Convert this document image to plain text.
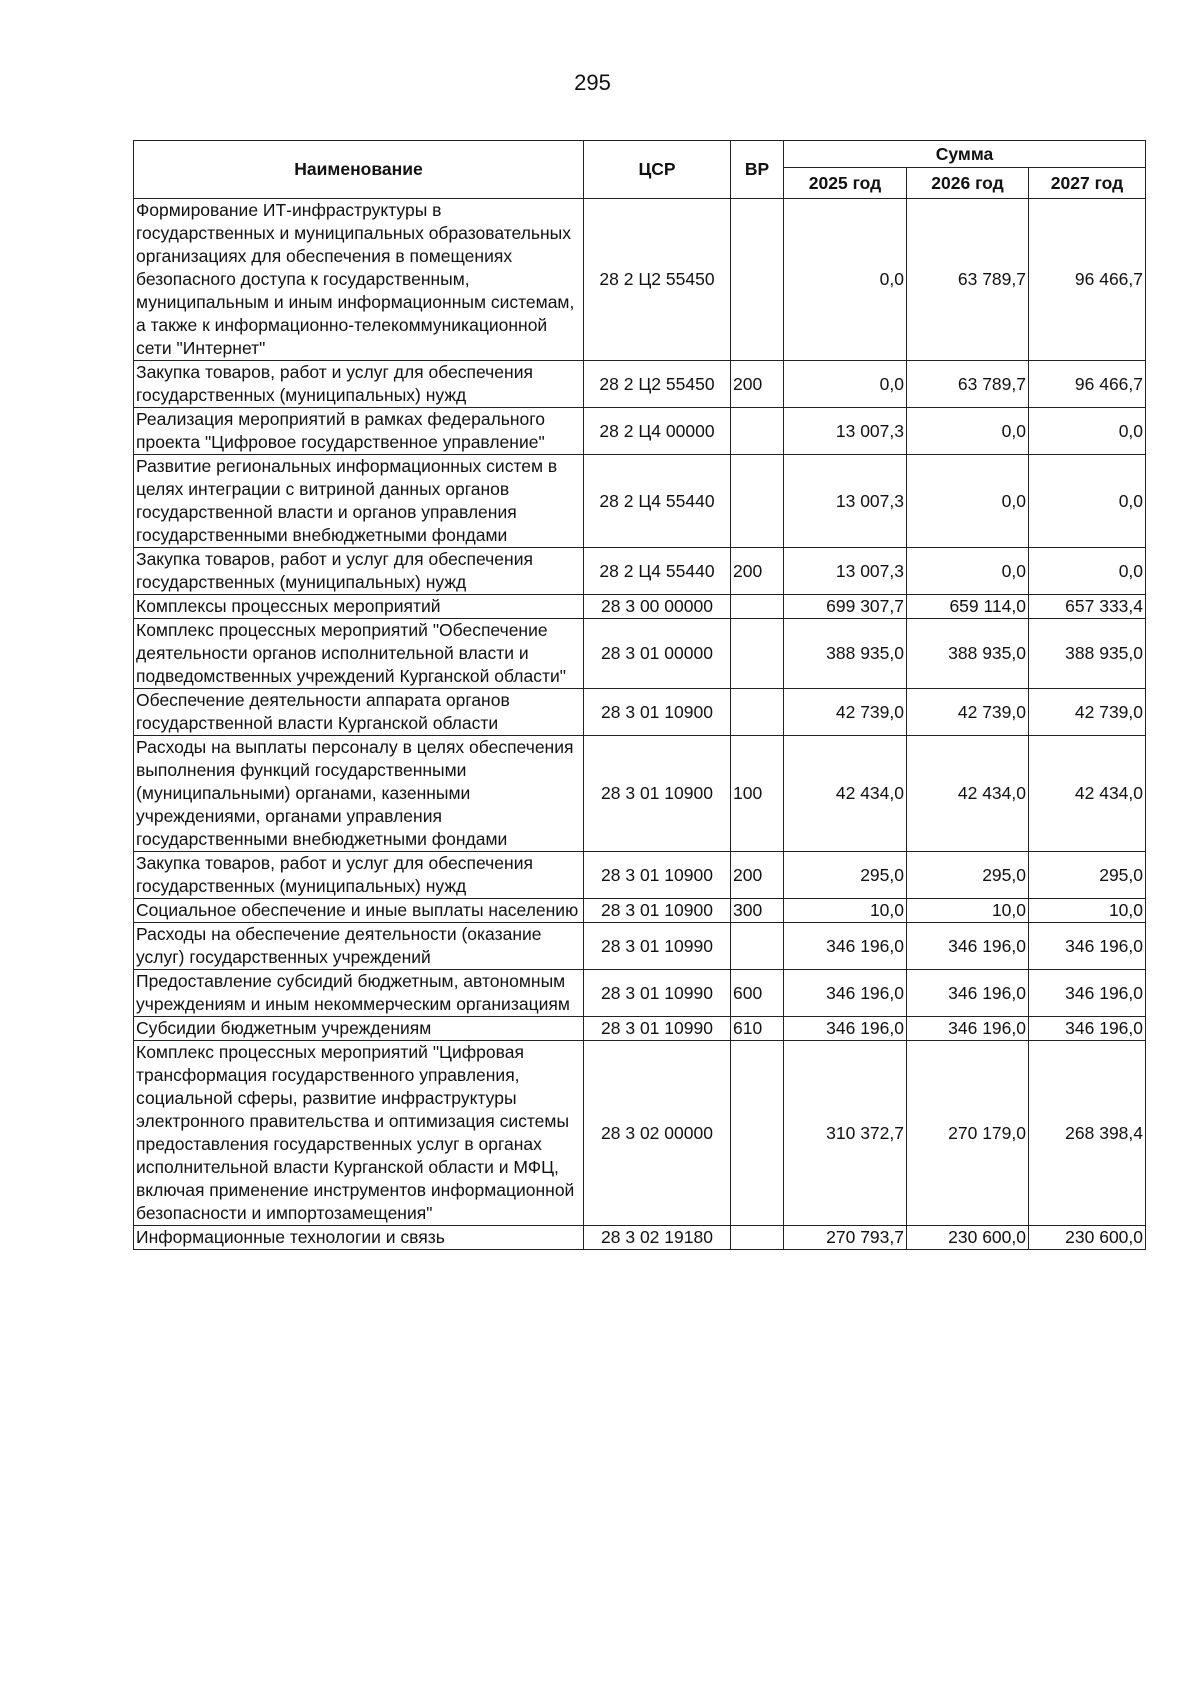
295
Наименование	ЦСР	ВР	Сумма		
			2025 год	2026 год	2027 год
Формирование ИТ-инфраструктуры в государственных и муниципальных образовательных организациях для обеспечения в помещениях безопасного доступа к государственным, муниципальным и иным информационным системам, а также к информационно-телекоммуникационной сети "Интернет"	28 2 Ц2 55450		0,0	63 789,7	96 466,7
Закупка товаров, работ и услуг для обеспечения государственных (муниципальных) нужд	28 2 Ц2 55450	200	0,0	63 789,7	96 466,7
Реализация мероприятий в рамках федерального проекта "Цифровое государственное управление"	28 2 Ц4 00000		13 007,3	0,0	0,0
Развитие региональных информационных систем в целях интеграции с витриной данных органов государственной власти и органов управления государственными внебюджетными фондами	28 2 Ц4 55440		13 007,3	0,0	0,0
Закупка товаров, работ и услуг для обеспечения государственных (муниципальных) нужд	28 2 Ц4 55440	200	13 007,3	0,0	0,0
Комплексы процессных мероприятий	28 3 00 00000		699 307,7	659 114,0	657 333,4
Комплекс процессных мероприятий "Обеспечение деятельности органов исполнительной власти и подведомственных учреждений Курганской области"	28 3 01 00000		388 935,0	388 935,0	388 935,0
Обеспечение деятельности аппарата органов государственной власти Курганской области	28 3 01 10900		42 739,0	42 739,0	42 739,0
Расходы на выплаты персоналу в целях обеспечения выполнения функций государственными (муниципальными) органами, казенными учреждениями, органами управления государственными внебюджетными фондами	28 3 01 10900	100	42 434,0	42 434,0	42 434,0
Закупка товаров, работ и услуг для обеспечения государственных (муниципальных) нужд	28 3 01 10900	200	295,0	295,0	295,0
Социальное обеспечение и иные выплаты населению	28 3 01 10900	300	10,0	10,0	10,0
Расходы на обеспечение деятельности (оказание услуг) государственных учреждений	28 3 01 10990		346 196,0	346 196,0	346 196,0
Предоставление субсидий бюджетным, автономным учреждениям и иным некоммерческим организациям	28 3 01 10990	600	346 196,0	346 196,0	346 196,0
Субсидии бюджетным учреждениям	28 3 01 10990	610	346 196,0	346 196,0	346 196,0
Комплекс процессных мероприятий "Цифровая трансформация государственного управления, социальной сферы, развитие инфраструктуры электронного правительства и оптимизация системы предоставления государственных услуг в органах исполнительной власти Курганской области и МФЦ, включая применение инструментов информационной безопасности и импортозамещения"	28 3 02 00000		310 372,7	270 179,0	268 398,4
Информационные технологии и связь	28 3 02 19180		270 793,7	230 600,0	230 600,0
